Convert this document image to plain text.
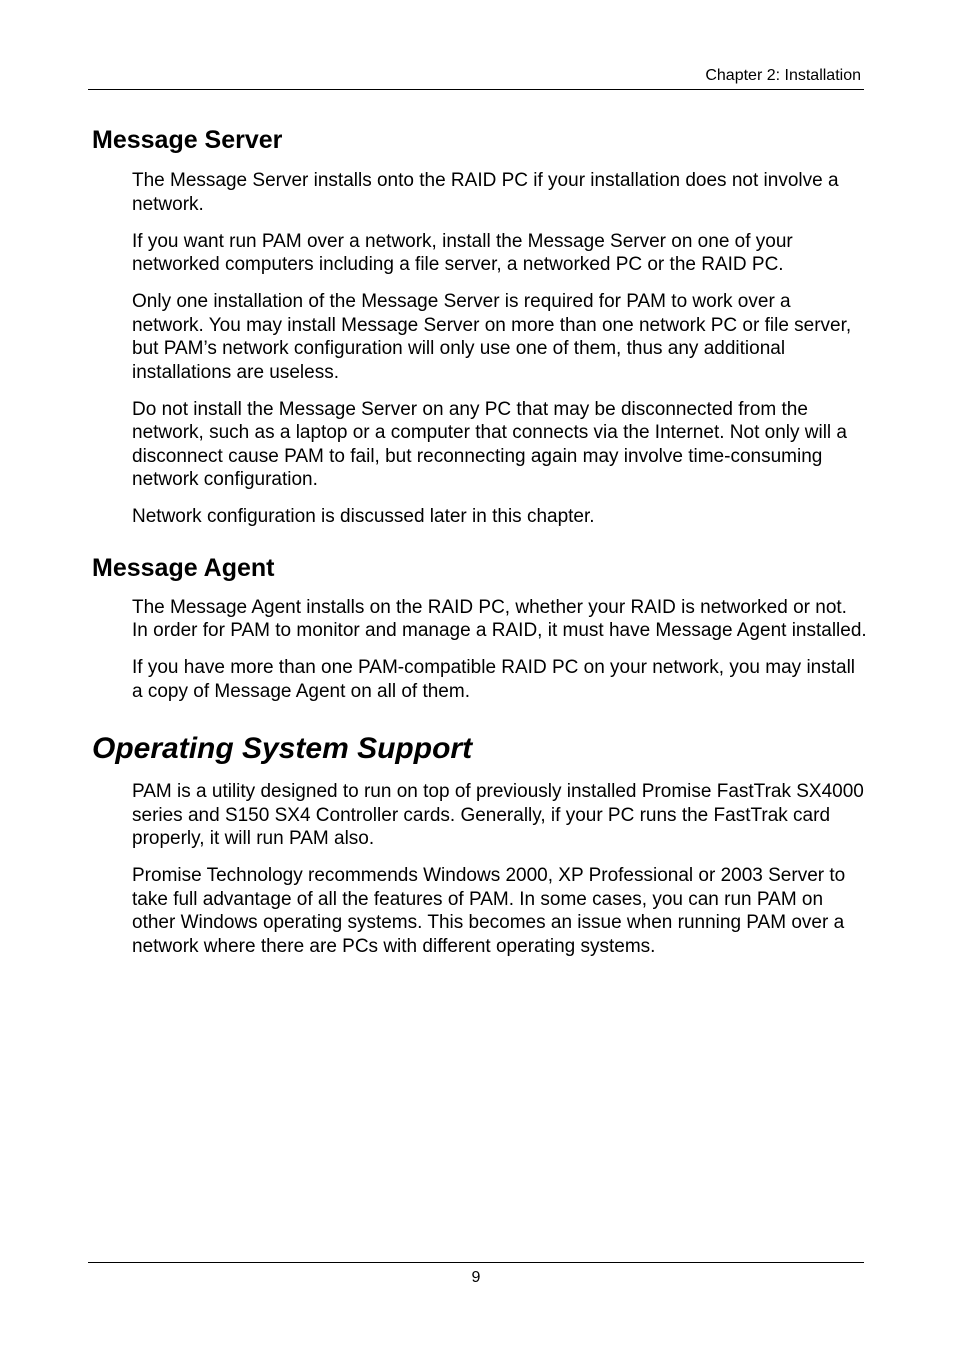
Chapter 2: Installation
Message Server

The Message Server installs onto the RAID PC if your installation does not involve a network.

If you want run PAM over a network, install the Message Server on one of your networked computers including a file server, a networked PC or the RAID PC.

Only one installation of the Message Server is required for PAM to work over a network. You may install Message Server on more than one network PC or file server, but PAM’s network configuration will only use one of them, thus any additional installations are useless.

Do not install the Message Server on any PC that may be disconnected from the network, such as a laptop or a computer that connects via the Internet. Not only will a disconnect cause PAM to fail, but reconnecting again may involve time-consuming network configuration.

Network configuration is discussed later in this chapter.

Message Agent

The Message Agent installs on the RAID PC, whether your RAID is networked or not. In order for PAM to monitor and manage a RAID, it must have Message Agent installed.

If you have more than one PAM-compatible RAID PC on your network, you may install a copy of Message Agent on all of them.

Operating System Support

PAM is a utility designed to run on top of previously installed Promise FastTrak SX4000 series and S150 SX4 Controller cards. Generally, if your PC runs the FastTrak card properly, it will run PAM also.

Promise Technology recommends Windows 2000, XP Professional or 2003 Server to take full advantage of all the features of PAM. In some cases, you can run PAM on other Windows operating systems. This becomes an issue when running PAM over a network where there are PCs with different operating systems.

9
